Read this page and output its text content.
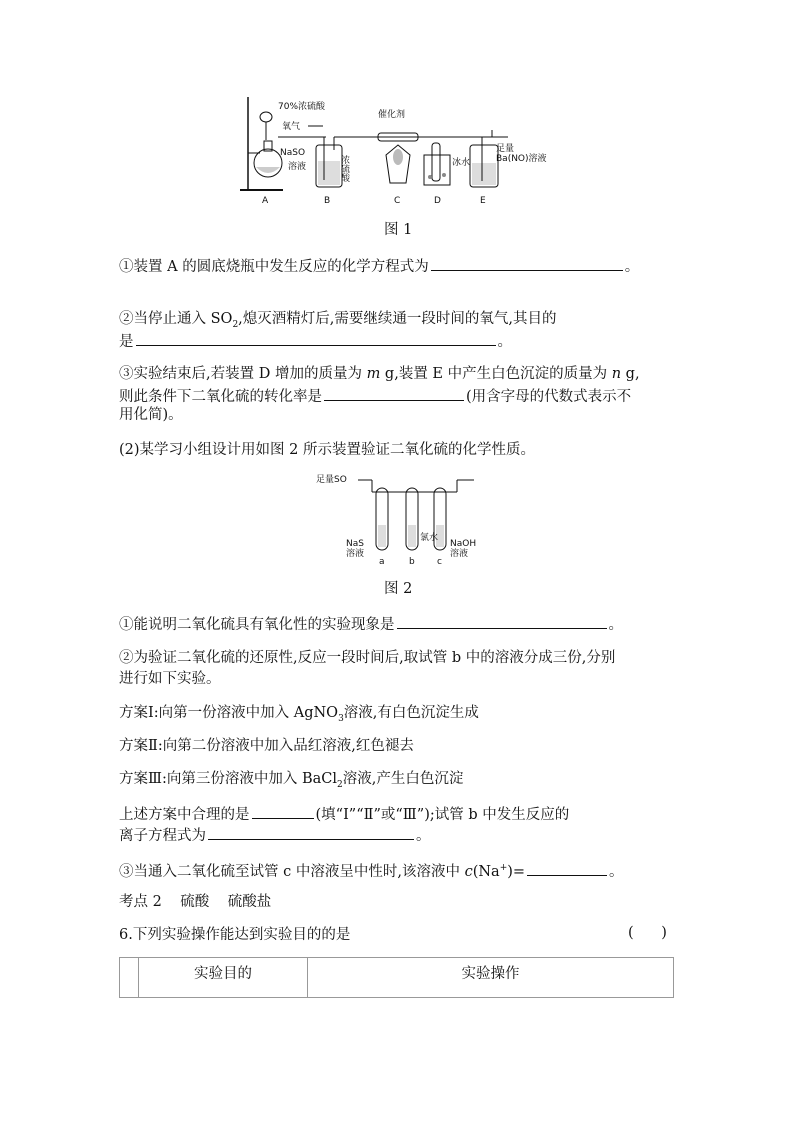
70%浓硫酸
氧气
NaSO
溶液	浓硫酸
催化剂
冰水
足量
Ba(NO)溶液
A	B	C	D	E
图 1
①装置 A 的圆底烧瓶中发生反应的化学方程式为	。
②当停止通入 $SO_2$,熄灭酒精灯后,需要继续通一段时间的氧气,其目的
是	。
③实验结束后,若装置 D 增加的质量为 m g,装置 E 中产生白色沉淀的质量为 n g,
则此条件下二氧化硫的转化率是	(用含字母的代数式表示不
用化简)。
(2)某学习小组设计用如图 2 所示装置验证二氧化硫的化学性质。
足量SO
NaS
溶液
氯水
NaOH
溶液
a	b c
图 2
①能说明二氧化硫具有氧化性的实验现象是	。
②为验证二氧化硫的还原性,反应一段时间后,取试管 b 中的溶液分成三份,分别
进行如下实验。
方案Ⅰ:向第一份溶液中加入 AgNO$_3$溶液,有白色沉淀生成
方案Ⅱ:向第二份溶液中加入品红溶液,红色褪去
方案Ⅲ:向第三份溶液中加入 BaCl$_2$溶液,产生白色沉淀
上述方案中合理的是	(填“Ⅰ”“Ⅱ”或“Ⅲ”);试管 b 中发生反应的
离子方程式为	。
③当通入二氧化硫至试管 c 中溶液呈中性时,该溶液中 c(Na+)=	。
考点 2    硫酸    硫酸盐
6.下列实验操作能达到实验目的的是	(      )
	实验目的	实验操作
